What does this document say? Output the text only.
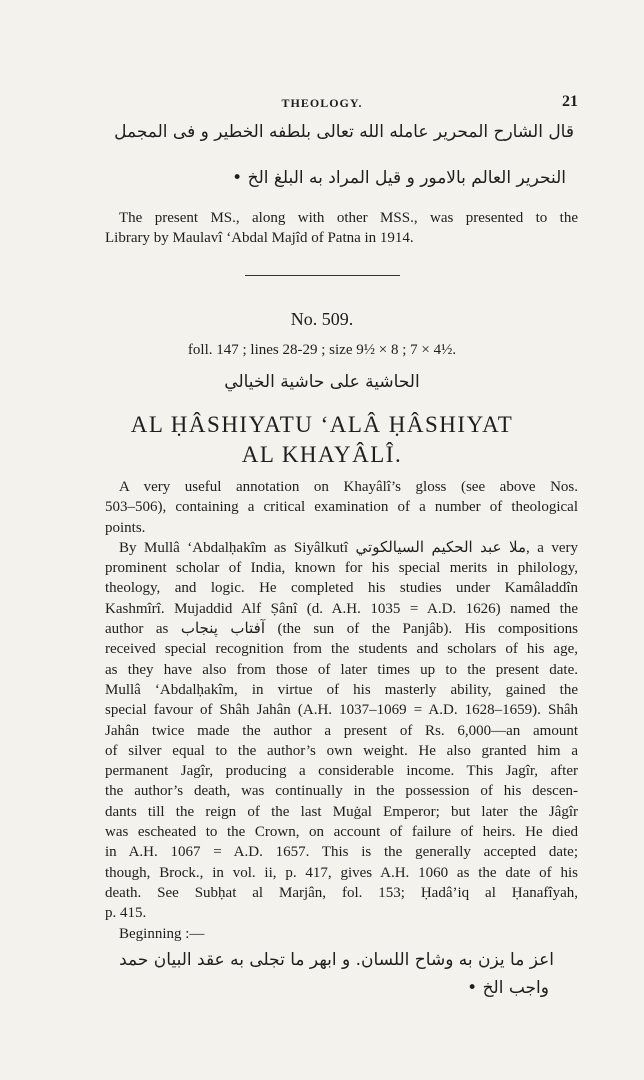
THEOLOGY.	21
قال الشارح المحرير عامله الله تعالى بلطفه الخطير و فى المجمل
النحرير العالم بالامور و قيل المراد به البلغ الخ •
The present MS., along with other MSS., was presented to the
Library by Maulavî ‘Abdal Majîd of Patna in 1914.
No. 509.
foll. 147 ; lines 28-29 ; size 9½ × 8 ; 7 × 4½.
الحاشية على حاشية الخيالي
AL ḤÂSHIYATU ‘ALÂ ḤÂSHIYAT
AL KHAYÂLÎ.
A very useful annotation on Khayâlî’s gloss (see above Nos.
503–506), containing a critical examination of a number of theological
points.
By Mullâ ‘Abdalḥakîm as Siyâlkutî ملا عبد الحكيم السيالكوتي, a very
prominent scholar of India, known for his special merits in philology,
theology, and logic. He completed his studies under Kamâladdîn
Kashmîrî. Mujaddid Alf Ṣânî (d. A.H. 1035 = A.D. 1626) named the
author as آفتاب پنجاب (the sun of the Panjâb). His compositions
received special recognition from the students and scholars of his age,
as they have also from those of later times up to the present date.
Mullâ ‘Abdalḥakîm, in virtue of his masterly ability, gained the
special favour of Shâh Jahân (A.H. 1037–1069 = A.D. 1628–1659). Shâh
Jahân twice made the author a present of Rs. 6,000—an amount
of silver equal to the author’s own weight. He also granted him a
permanent Jagîr, producing a considerable income. This Jagîr, after
the author’s death, was continually in the possession of his descen-
dants till the reign of the last Muġal Emperor; but later the Jâgîr
was escheated to the Crown, on account of failure of heirs. He died
in A.H. 1067 = A.D. 1657. This is the generally accepted date;
though, Brock., in vol. ii, p. 417, gives A.H. 1060 as the date of his
death. See Subḥat al Marjân, fol. 153; Ḥadâ’iq al Ḥanafîyah,
p. 415.
Beginning :—
اعز ما يزن به وشاح اللسان. و ابهر ما تجلى به عقد البيان حمد
واجب الخ •
